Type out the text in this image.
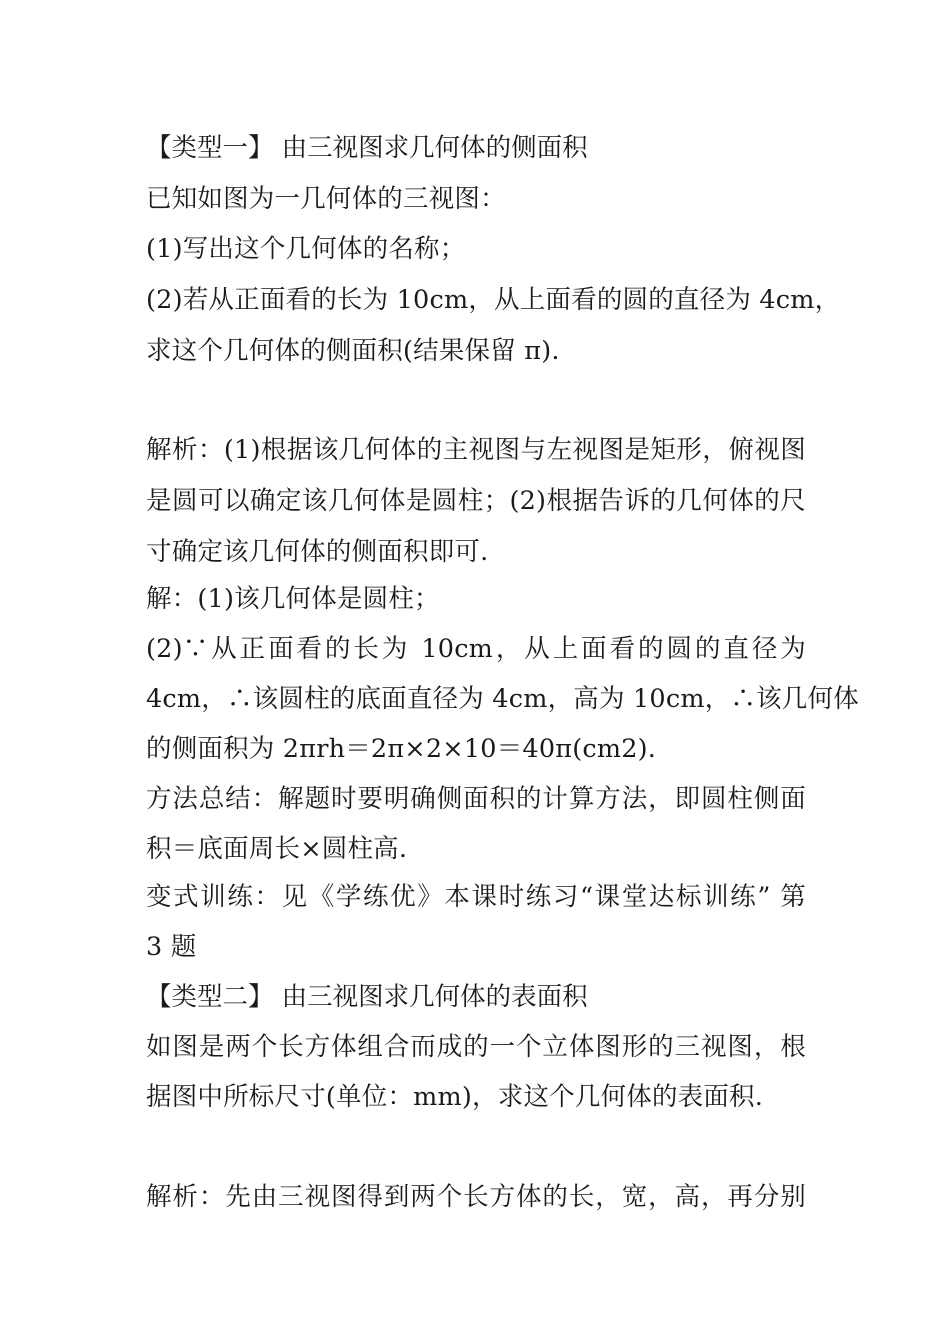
【类型一】 由三视图求几何体的侧面积
已知如图为一几何体的三视图：
(1)写出这个几何体的名称；
(2)若从正面看的长为 10cm，从上面看的圆的直径为 4cm，
求这个几何体的侧面积(结果保留 π).
解析：(1)根据该几何体的主视图与左视图是矩形，俯视图
是圆可以确定该几何体是圆柱；(2)根据告诉的几何体的尺
寸确定该几何体的侧面积即可.
解：(1)该几何体是圆柱；
(2)∵从正面看的长为 10cm，从上面看的圆的直径为
4cm，∴该圆柱的底面直径为 4cm，高为 10cm，∴该几何体
的侧面积为 2πrh＝2π×2×10＝40π(cm2).
方法总结：解题时要明确侧面积的计算方法，即圆柱侧面
积＝底面周长×圆柱高.
变式训练：见《学练优》本课时练习“课堂达标训练” 第
3 题
【类型二】 由三视图求几何体的表面积
如图是两个长方体组合而成的一个立体图形的三视图，根
据图中所标尺寸(单位：mm)，求这个几何体的表面积.
解析：先由三视图得到两个长方体的长，宽，高，再分别
